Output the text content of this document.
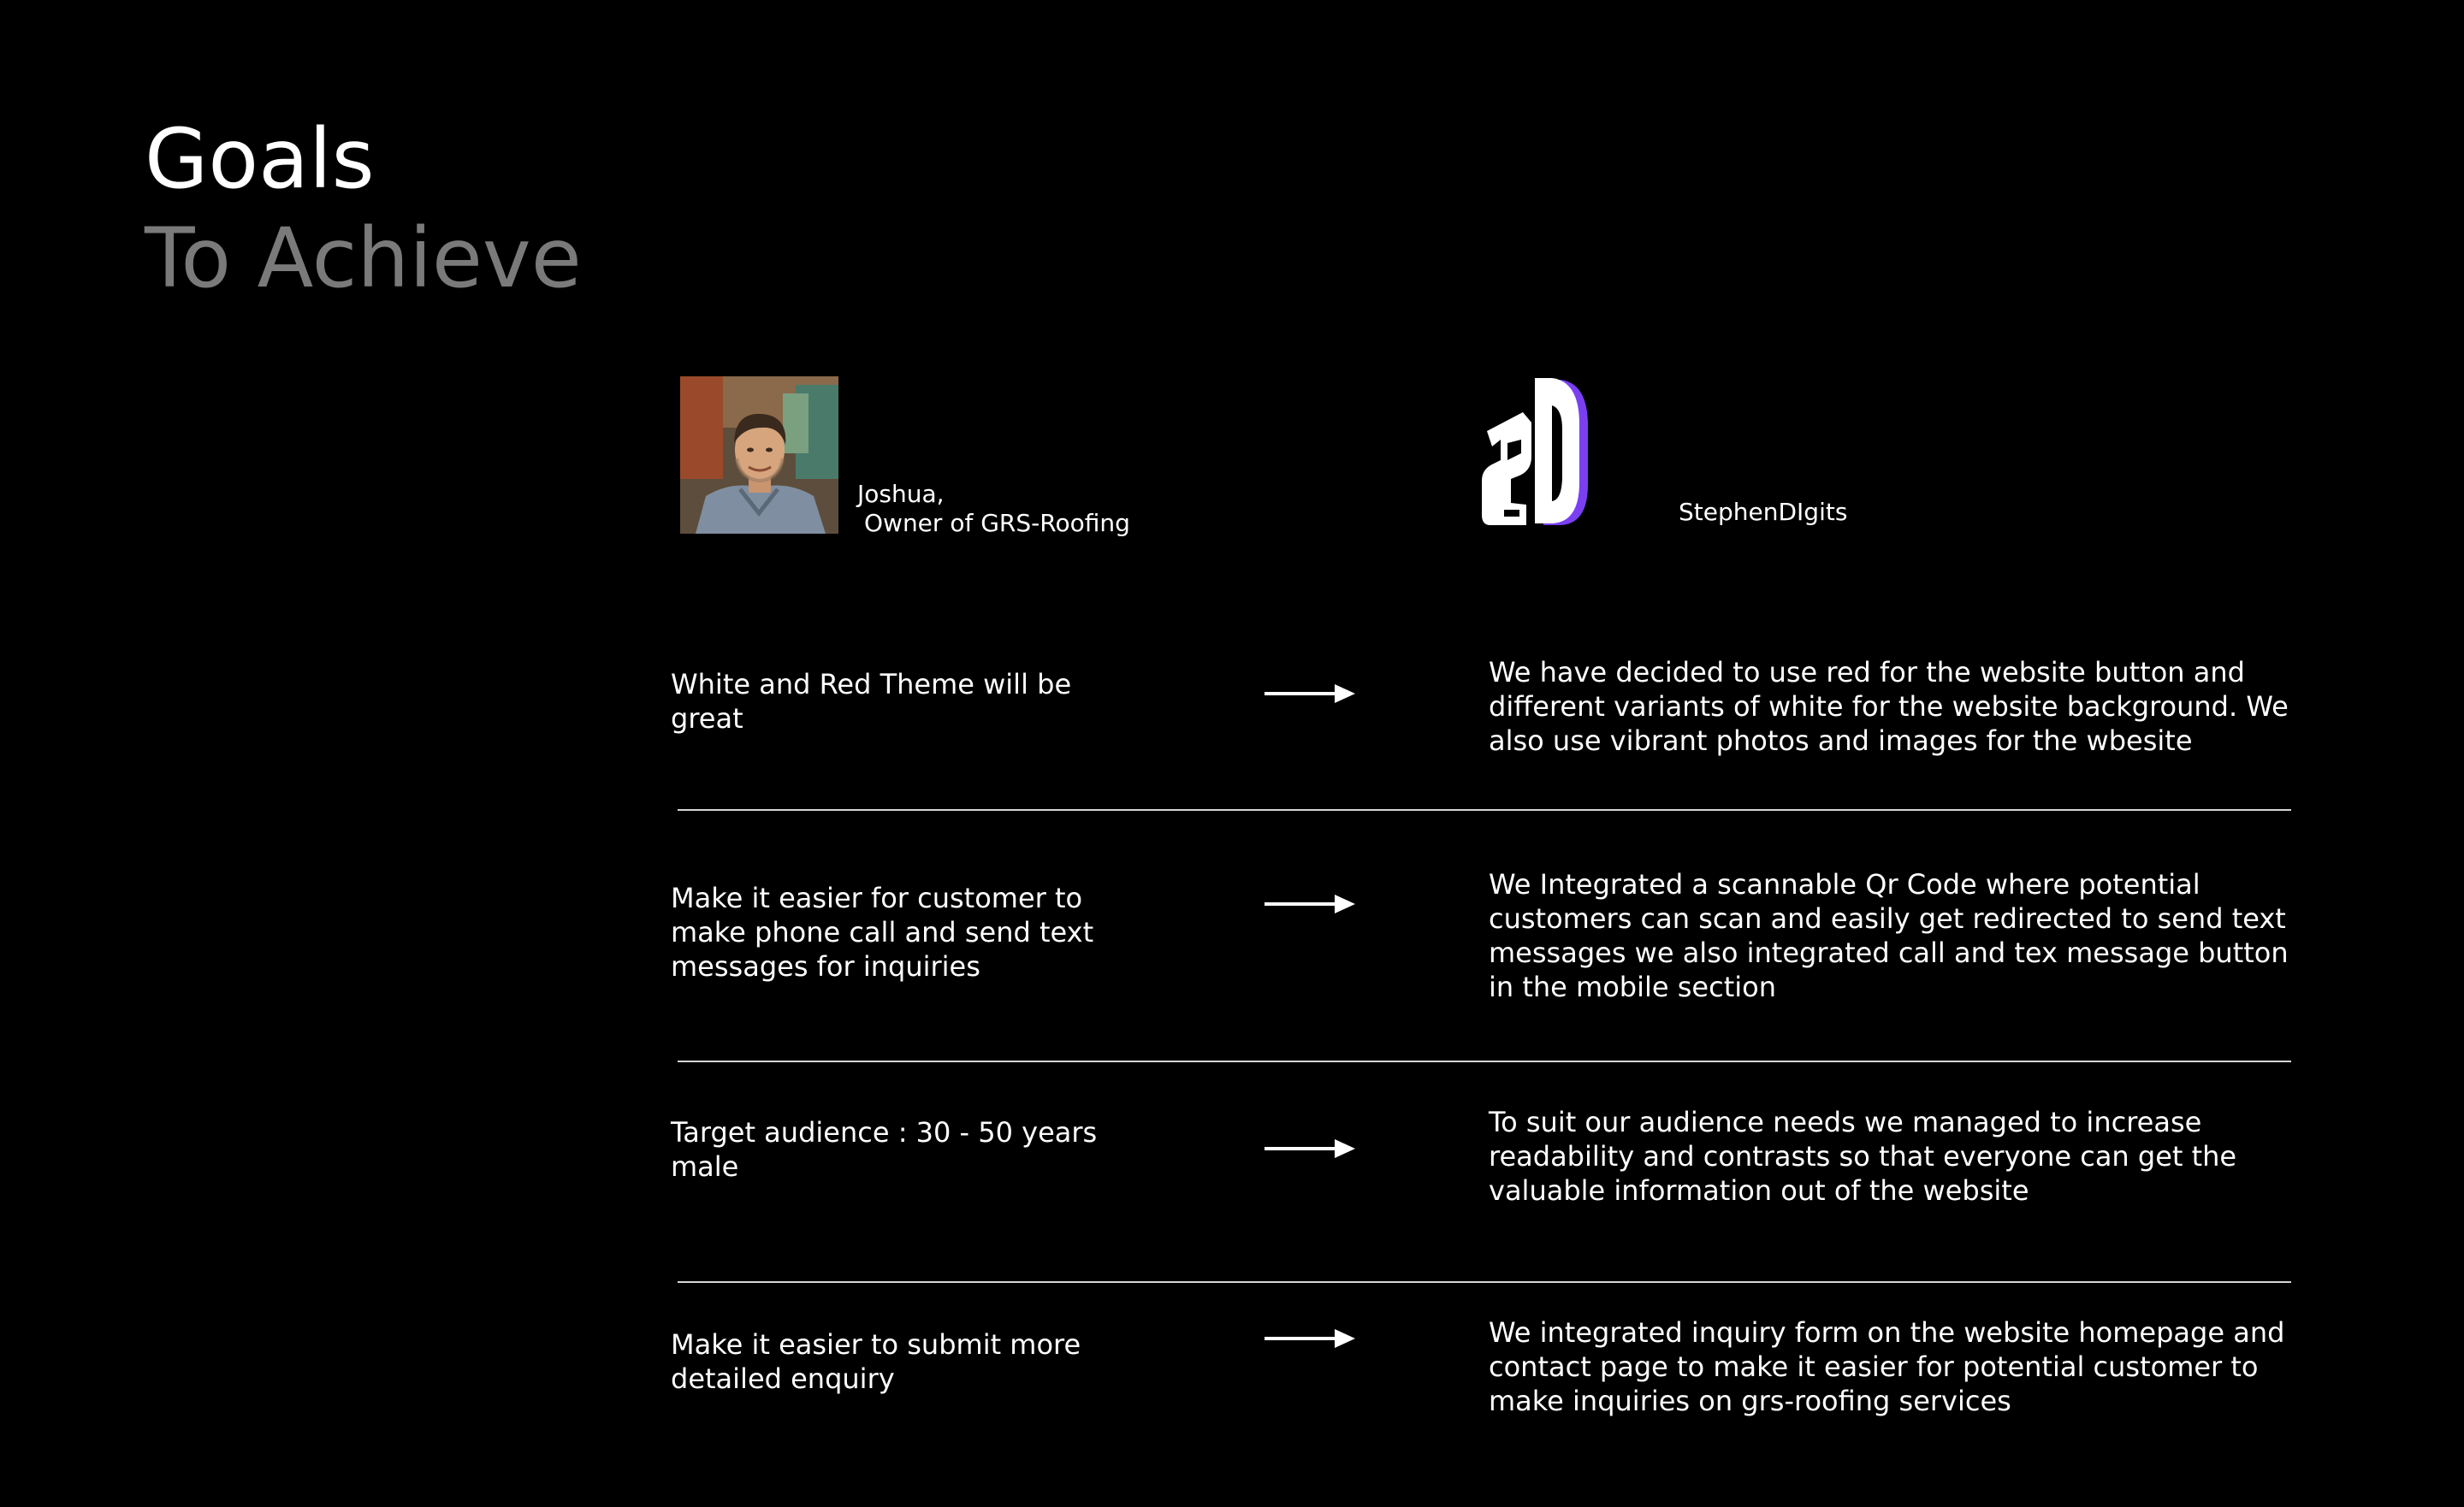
Goals
To Achieve
Joshua,
Owner of GRS-Roofing	StephenDIgits

White and Red Theme will be great

We have decided to use red for the website button and different variants of white for the website background. We also use vibrant photos and images for the wbesite

Make it easier for customer to make phone call and send text messages for inquiries

We Integrated a scannable Qr Code where potential customers can scan and easily get redirected to send text messages we also integrated call and tex message button in the mobile section

Target audience : 30 - 50 years male

To suit our audience needs we managed to increase readability and contrasts so that everyone can get the valuable information out of the website

Make it easier to submit more detailed enquiry

We integrated inquiry form on the website homepage and contact page to make it easier for potential customer to make inquiries on grs-roofing services
